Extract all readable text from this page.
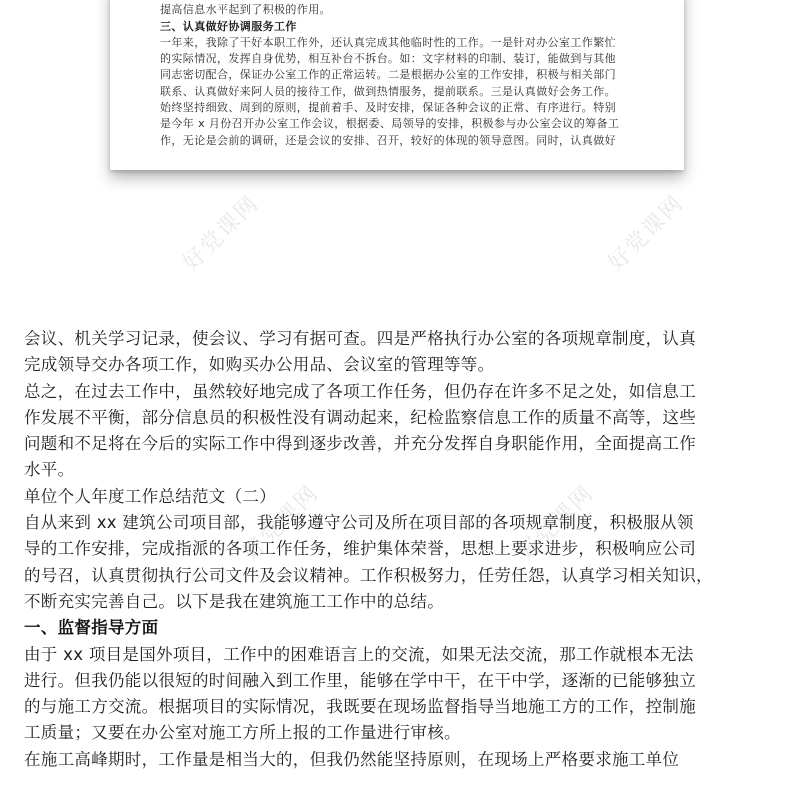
提高信息水平起到了积极的作用。
三、认真做好协调服务工作
一年来，我除了干好本职工作外，还认真完成其他临时性的工作。一是针对办公室工作繁忙
的实际情况，发挥自身优势，相互补台不拆台。如：文字材料的印制、装订，能做到与其他
同志密切配合，保证办公室工作的正常运转。二是根据办公室的工作安排，积极与相关部门
联系、认真做好来阿人员的接待工作，做到热情服务，提前联系。三是认真做好会务工作。
始终坚持细致、周到的原则，提前着手、及时安排，保证各种会议的正常、有序进行。特别
是今年 x 月份召开办公室工作会议，根据委、局领导的安排，积极参与办公室会议的筹备工
作，无论是会前的调研，还是会议的安排、召开，较好的体现的领导意图。同时，认真做好
会议、机关学习记录，使会议、学习有据可查。四是严格执行办公室的各项规章制度，认真
完成领导交办各项工作，如购买办公用品、会议室的管理等等。
总之，在过去工作中，虽然较好地完成了各项工作任务，但仍存在许多不足之处，如信息工
作发展不平衡，部分信息员的积极性没有调动起来，纪检监察信息工作的质量不高等，这些
问题和不足将在今后的实际工作中得到逐步改善，并充分发挥自身职能作用，全面提高工作
水平。
单位个人年度工作总结范文（二）
自从来到 xx 建筑公司项目部，我能够遵守公司及所在项目部的各项规章制度，积极服从领
导的工作安排，完成指派的各项工作任务，维护集体荣誉，思想上要求进步，积极响应公司
的号召，认真贯彻执行公司文件及会议精神。工作积极努力，任劳任怨，认真学习相关知识，
不断充实完善自己。以下是我在建筑施工工作中的总结。
一、监督指导方面
由于 xx 项目是国外项目，工作中的困难语言上的交流，如果无法交流，那工作就根本无法
进行。但我仍能以很短的时间融入到工作里，能够在学中干，在干中学，逐渐的已能够独立
的与施工方交流。根据项目的实际情况，我既要在现场监督指导当地施工方的工作，控制施
工质量；又要在办公室对施工方所上报的工作量进行审核。
在施工高峰期时，工作量是相当大的，但我仍然能坚持原则，在现场上严格要求施工单位
好党课网	好党课网
好党课网	好党课网
